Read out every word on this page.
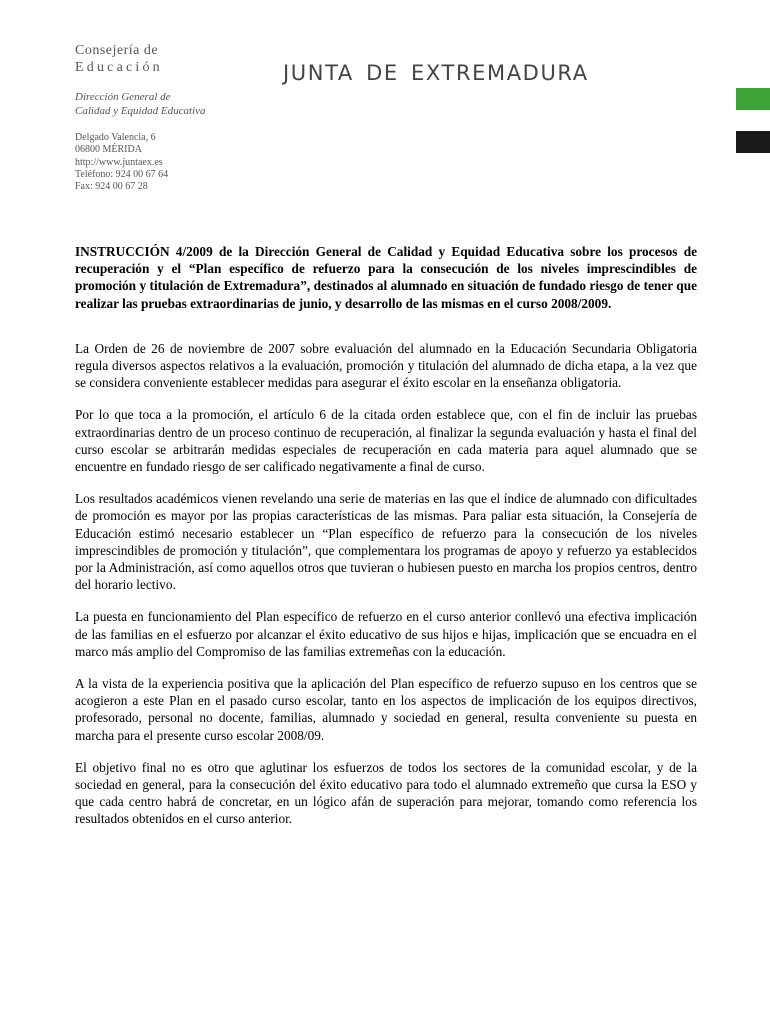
Consejería de
Educación
Dirección General de
Calidad y Equidad Educativa
Delgado Valencia, 6
06800 MÉRIDA
http://www.juntaex.es
Teléfono: 924 00 67 64
Fax: 924 00 67 28
JUNTA DE EXTREMADURA

INSTRUCCIÓN 4/2009 de la Dirección General de Calidad y Equidad Educativa sobre los procesos de recuperación y el “Plan específico de refuerzo para la consecución de los niveles imprescindibles de promoción y titulación de Extremadura”, destinados al alumnado en situación de fundado riesgo de tener que realizar las pruebas extraordinarias de junio, y desarrollo de las mismas en el curso 2008/2009.

La Orden de 26 de noviembre de 2007 sobre evaluación del alumnado en la Educación Secundaria Obligatoria regula diversos aspectos relativos a la evaluación, promoción y titulación del alumnado de dicha etapa, a la vez que se considera conveniente establecer medidas para asegurar el éxito escolar en la enseñanza obligatoria.

Por lo que toca a la promoción, el artículo 6 de la citada orden establece que, con el fin de incluir las pruebas extraordinarias dentro de un proceso continuo de recuperación, al finalizar la segunda evaluación y hasta el final del curso escolar se arbitrarán medidas especiales de recuperación en cada materia para aquel alumnado que se encuentre en fundado riesgo de ser calificado negativamente a final de curso.

Los resultados académicos vienen revelando una serie de materias en las que el índice de alumnado con dificultades de promoción es mayor por las propias características de las mismas. Para paliar esta situación, la Consejería de Educación estimó necesario establecer un “Plan específico de refuerzo para la consecución de los niveles imprescindibles de promoción y titulación”, que complementara los programas de apoyo y refuerzo ya establecidos por la Administración, así como aquellos otros que tuvieran o hubiesen puesto en marcha los propios centros, dentro del horario lectivo.

La puesta en funcionamiento del Plan específico de refuerzo en el curso anterior conllevó una efectiva implicación de las familias en el esfuerzo por alcanzar el éxito educativo de sus hijos e hijas, implicación que se encuadra en el marco más amplio del Compromiso de las familias extremeñas con la educación.

A la vista de la experiencia positiva que la aplicación del Plan específico de refuerzo supuso en los centros que se acogieron a este Plan en el pasado curso escolar, tanto en los aspectos de implicación de los equipos directivos, profesorado, personal no docente, familias, alumnado y sociedad en general, resulta conveniente su puesta en marcha para el presente curso escolar 2008/09.

El objetivo final no es otro que aglutinar los esfuerzos de todos los sectores de la comunidad escolar, y de la sociedad en general, para la consecución del éxito educativo para todo el alumnado extremeño que cursa la ESO y que cada centro habrá de concretar, en un lógico afán de superación para mejorar, tomando como referencia los resultados obtenidos en el curso anterior.
